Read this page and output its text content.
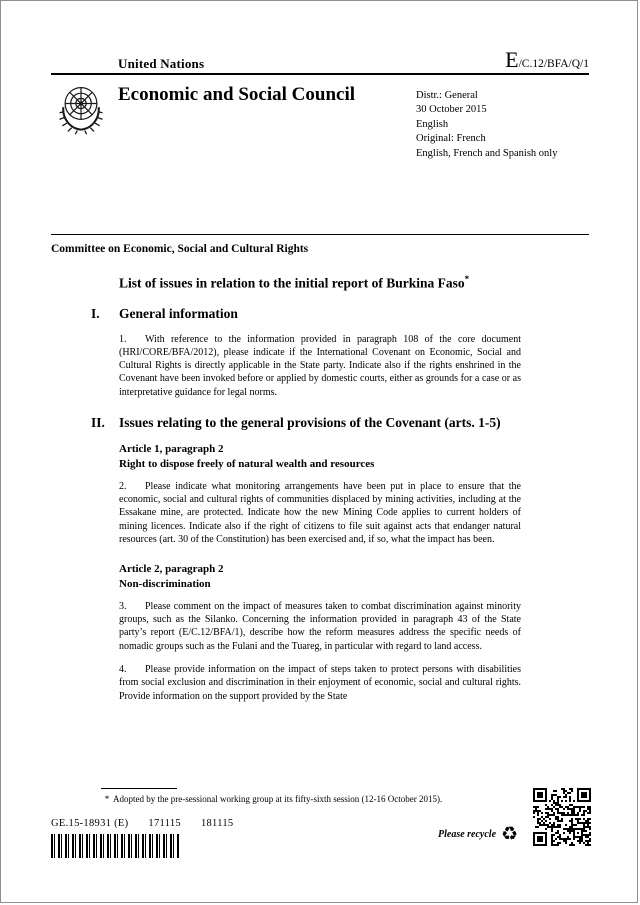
United Nations	E/C.12/BFA/Q/1
Economic and Social Council	Distr.: General
30 October 2015
English
Original: French
English, French and Spanish only
Committee on Economic, Social and Cultural Rights
List of issues in relation to the initial report of Burkina Faso*
I.	General information

1. With reference to the information provided in paragraph 108 of the core document (HRI/CORE/BFA/2012), please indicate if the International Covenant on Economic, Social and Cultural Rights is directly applicable in the State party. Indicate also if the rights enshrined in the Covenant have been invoked before or applied by domestic courts, either as grounds for a case or as interpretative guidance for legal norms.

II.	Issues relating to the general provisions of the Covenant (arts. 1-5)
Article 1, paragraph 2
Right to dispose freely of natural wealth and resources

2. Please indicate what monitoring arrangements have been put in place to ensure that the economic, social and cultural rights of communities displaced by mining activities, including at the Essakane mine, are protected. Indicate how the new Mining Code applies to current holders of mining licences. Indicate also if the right of citizens to file suit against acts that endanger natural resources (art. 30 of the Constitution) has been exercised and, if so, what the impact has been.

Article 2, paragraph 2
Non-discrimination

3. Please comment on the impact of measures taken to combat discrimination against minority groups, such as the Silanko. Concerning the information provided in paragraph 43 of the State party’s report (E/C.12/BFA/1), describe how the reform measures address the specific needs of nomadic groups such as the Fulani and the Tuareg, in particular with regard to land access.

4. Please provide information on the impact of steps taken to protect persons with disabilities from social exclusion and discrimination in their enjoyment of economic, social and cultural rights. Provide information on the support provided by the State

* Adopted by the pre-sessional working group at its fifty-sixth session (12-16 October 2015).
GE.15-18931 (E) 171115 181115
Please recycle ♻
